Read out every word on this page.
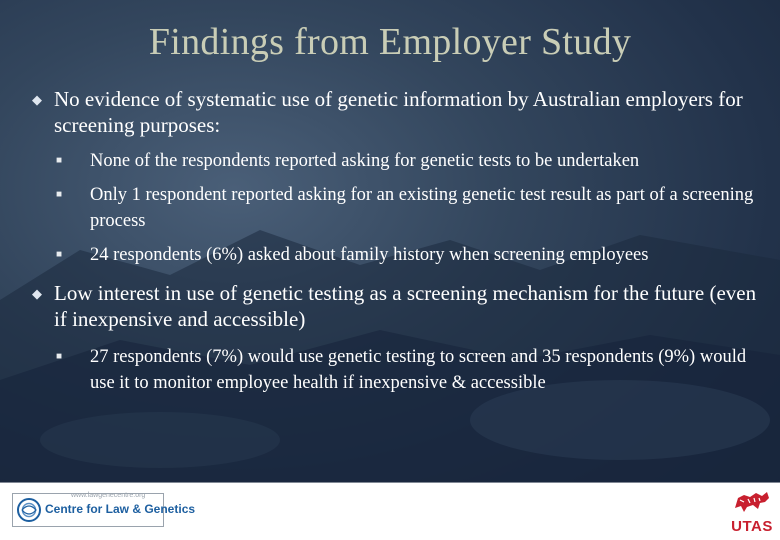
Findings from Employer Study
◆ No evidence of systematic use of genetic information by Australian employers for screening purposes:
■ None of the respondents reported asking for genetic tests to be undertaken
■ Only 1 respondent reported asking for an existing genetic test result as part of a screening process
■ 24 respondents (6%) asked about family history when screening employees
◆ Low interest in use of genetic testing as a screening mechanism for the future (even if inexpensive and accessible)
■ 27 respondents (7%) would use genetic testing to screen and 35 respondents (9%) would use it to monitor employee health if inexpensive & accessible
www.lawgenecentre.org
Centre for Law & Genetics
UTAS
